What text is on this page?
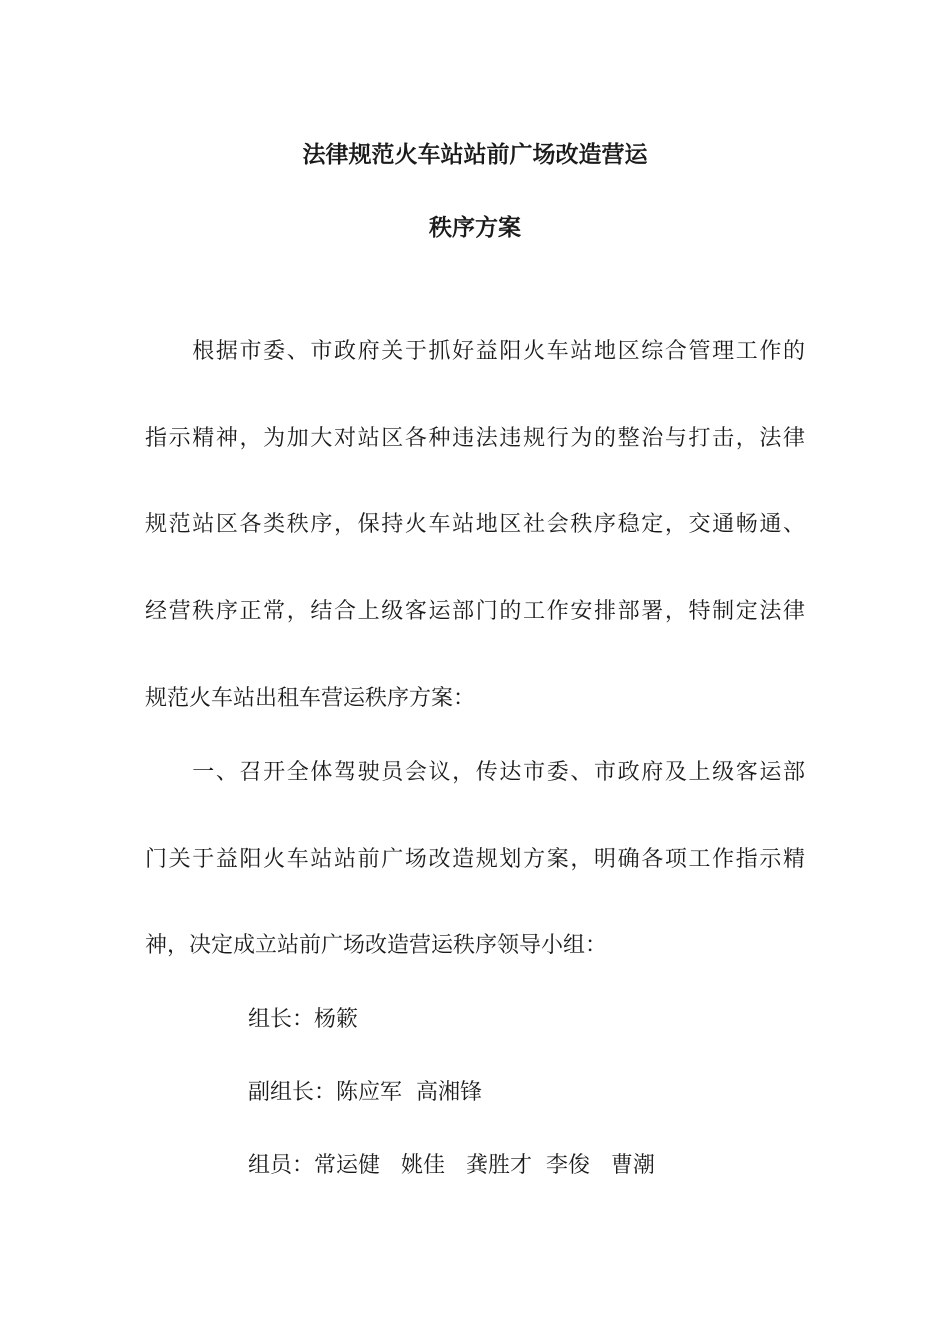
法律规范火车站站前广场改造营运
秩序方案
　　根据市委、市政府关于抓好益阳火车站地区综合管理工作的
指示精神，为加大对站区各种违法违规行为的整治与打击，法律
规范站区各类秩序，保持火车站地区社会秩序稳定，交通畅通、
经营秩序正常，结合上级客运部门的工作安排部署，特制定法律
规范火车站出租车营运秩序方案：
　　一、召开全体驾驶员会议，传达市委、市政府及上级客运部
门关于益阳火车站站前广场改造规划方案，明确各项工作指示精
神，决定成立站前广场改造营运秩序领导小组：
组长：杨簌
副组长：陈应军  高湘锋
组员：常运健   姚佳   龚胜才  李俊   曹潮
